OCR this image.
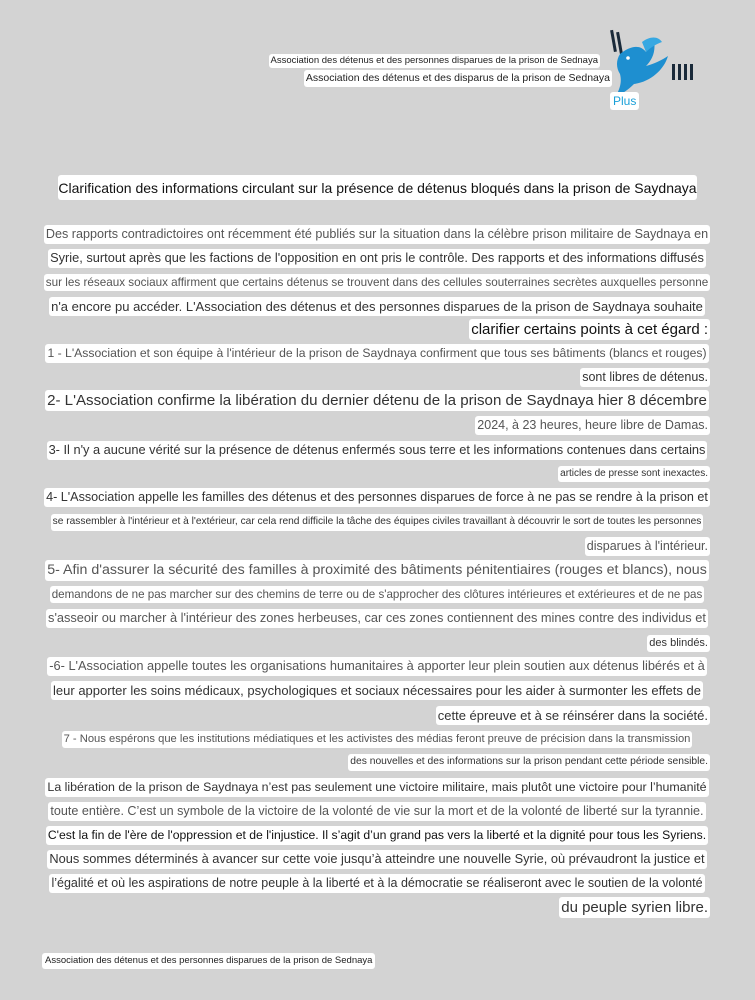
Association des détenus et des personnes disparues de la prison de Sednaya
Association des détenus et des disparus de la prison de Sednaya
Plus
Clarification des informations circulant sur la présence de détenus bloqués dans la prison de Saydnaya
Des rapports contradictoires ont récemment été publiés sur la situation dans la célèbre prison militaire de Saydnaya en
Syrie, surtout après que les factions de l'opposition en ont pris le contrôle. Des rapports et des informations diffusés
sur les réseaux sociaux affirment que certains détenus se trouvent dans des cellules souterraines secrètes auxquelles personne
n'a encore pu accéder. L'Association des détenus et des personnes disparues de la prison de Saydnaya souhaite
clarifier certains points à cet égard :
1 - L'Association et son équipe à l'intérieur de la prison de Saydnaya confirment que tous ses bâtiments (blancs et rouges)
sont libres de détenus.
2- L'Association confirme la libération du dernier détenu de la prison de Saydnaya hier 8 décembre
2024, à 23 heures, heure libre de Damas.
3- Il n'y a aucune vérité sur la présence de détenus enfermés sous terre et les informations contenues dans certains
articles de presse sont inexactes.
4- L'Association appelle les familles des détenus et des personnes disparues de force à ne pas se rendre à la prison et
se rassembler à l'intérieur et à l'extérieur, car cela rend difficile la tâche des équipes civiles travaillant à découvrir le sort de toutes les personnes
disparues à l'intérieur.
5- Afin d'assurer la sécurité des familles à proximité des bâtiments pénitentiaires (rouges et blancs), nous
demandons de ne pas marcher sur des chemins de terre ou de s'approcher des clôtures intérieures et extérieures et de ne pas
s'asseoir ou marcher à l'intérieur des zones herbeuses, car ces zones contiennent des mines contre des individus et
des blindés.
-6- L'Association appelle toutes les organisations humanitaires à apporter leur plein soutien aux détenus libérés et à
leur apporter les soins médicaux, psychologiques et sociaux nécessaires pour les aider à surmonter les effets de
cette épreuve et à se réinsérer dans la société.
7 - Nous espérons que les institutions médiatiques et les activistes des médias feront preuve de précision dans la transmission
des nouvelles et des informations sur la prison pendant cette période sensible.
La libération de la prison de Saydnaya n’est pas seulement une victoire militaire, mais plutôt une victoire pour l’humanité
toute entière. C’est un symbole de la victoire de la volonté de vie sur la mort et de la volonté de liberté sur la tyrannie.
C'est la fin de l'ère de l'oppression et de l'injustice. Il s’agit d’un grand pas vers la liberté et la dignité pour tous les Syriens.
Nous sommes déterminés à avancer sur cette voie jusqu’à atteindre une nouvelle Syrie, où prévaudront la justice et
l’égalité et où les aspirations de notre peuple à la liberté et à la démocratie se réaliseront avec le soutien de la volonté
du peuple syrien libre.
Association des détenus et des personnes disparues de la prison de Sednaya
